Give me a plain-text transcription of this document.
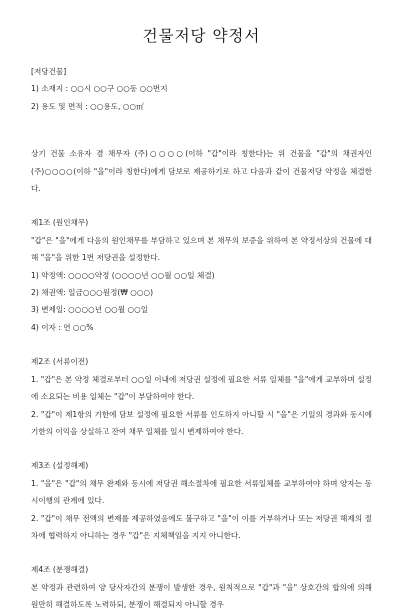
건물저당 약정서

[저당건물]

1) 소재지 : ○○시 ○○구 ○○동 ○○번지

2) 용도 및 면적 : ○○용도, ○○㎡

상기 건물 소유자 겸 채무자 (주)○○○○(이하 "갑"이라 칭한다)는 위 건물을 "갑"의 채권자인 (주)○○○○(이하 "을"이라 칭한다)에게 담보로 제공하기로 하고 다음과 같이 건물저당 약정을 체결한다.

제1조 (원인채무)

"갑"은 "을"에게 다음의 원인채무를 부담하고 있으며 본 채무의 보증을 위하여 본 약정서상의 건물에 대해 "을"을 위한 1번 저당권을 설정한다.

1) 약정액: ○○○○약정 (○○○○년 ○○월 ○○일 체결)

2) 채권액: 일금○○○원정(₩ ○○○)

3) 변제일: ○○○○년 ○○월 ○○일

4) 이자 : 연 ○○%

제2조 (서류이전)

1. "갑"은 본 약정 체결로부터 ○○일 이내에 저당권 설정에 필요한 서류 일체를 "을"에게 교부하며 설정에 소요되는 비용 일체는 "갑"이 부담하여야 한다.

2. "갑"이 제1항의 기한에 담보 설정에 필요한 서류를 인도하지 아니할 시 "을"은 기일의 경과와 동시에 기한의 이익을 상실하고 잔여 채무 일체를 일시 변제하여야 한다.

제3조 (설정해제)

1. "을"은 "갑"의 채무 완제와 동시에 저당권 해소절차에 필요한 서류일체를 교부하여야 하며 양자는 동시이행의 관계에 있다.

2. "갑"이 채무 전액의 변제를 제공하였음에도 불구하고 "을"이 이를 거부하거나 또는 저당권 해제의 절차에 협력하지 아니하는 경우 "갑"은 지체책임을 지지 아니한다.

제4조 (분쟁해결)

본 약정과 관련하여 양 당사자간의 분쟁이 발생한 경우, 원칙적으로 "갑"과 "을" 상호간의 합의에 의해 원만히 해결하도록 노력하되, 분쟁이 해결되지 아니할 경우
